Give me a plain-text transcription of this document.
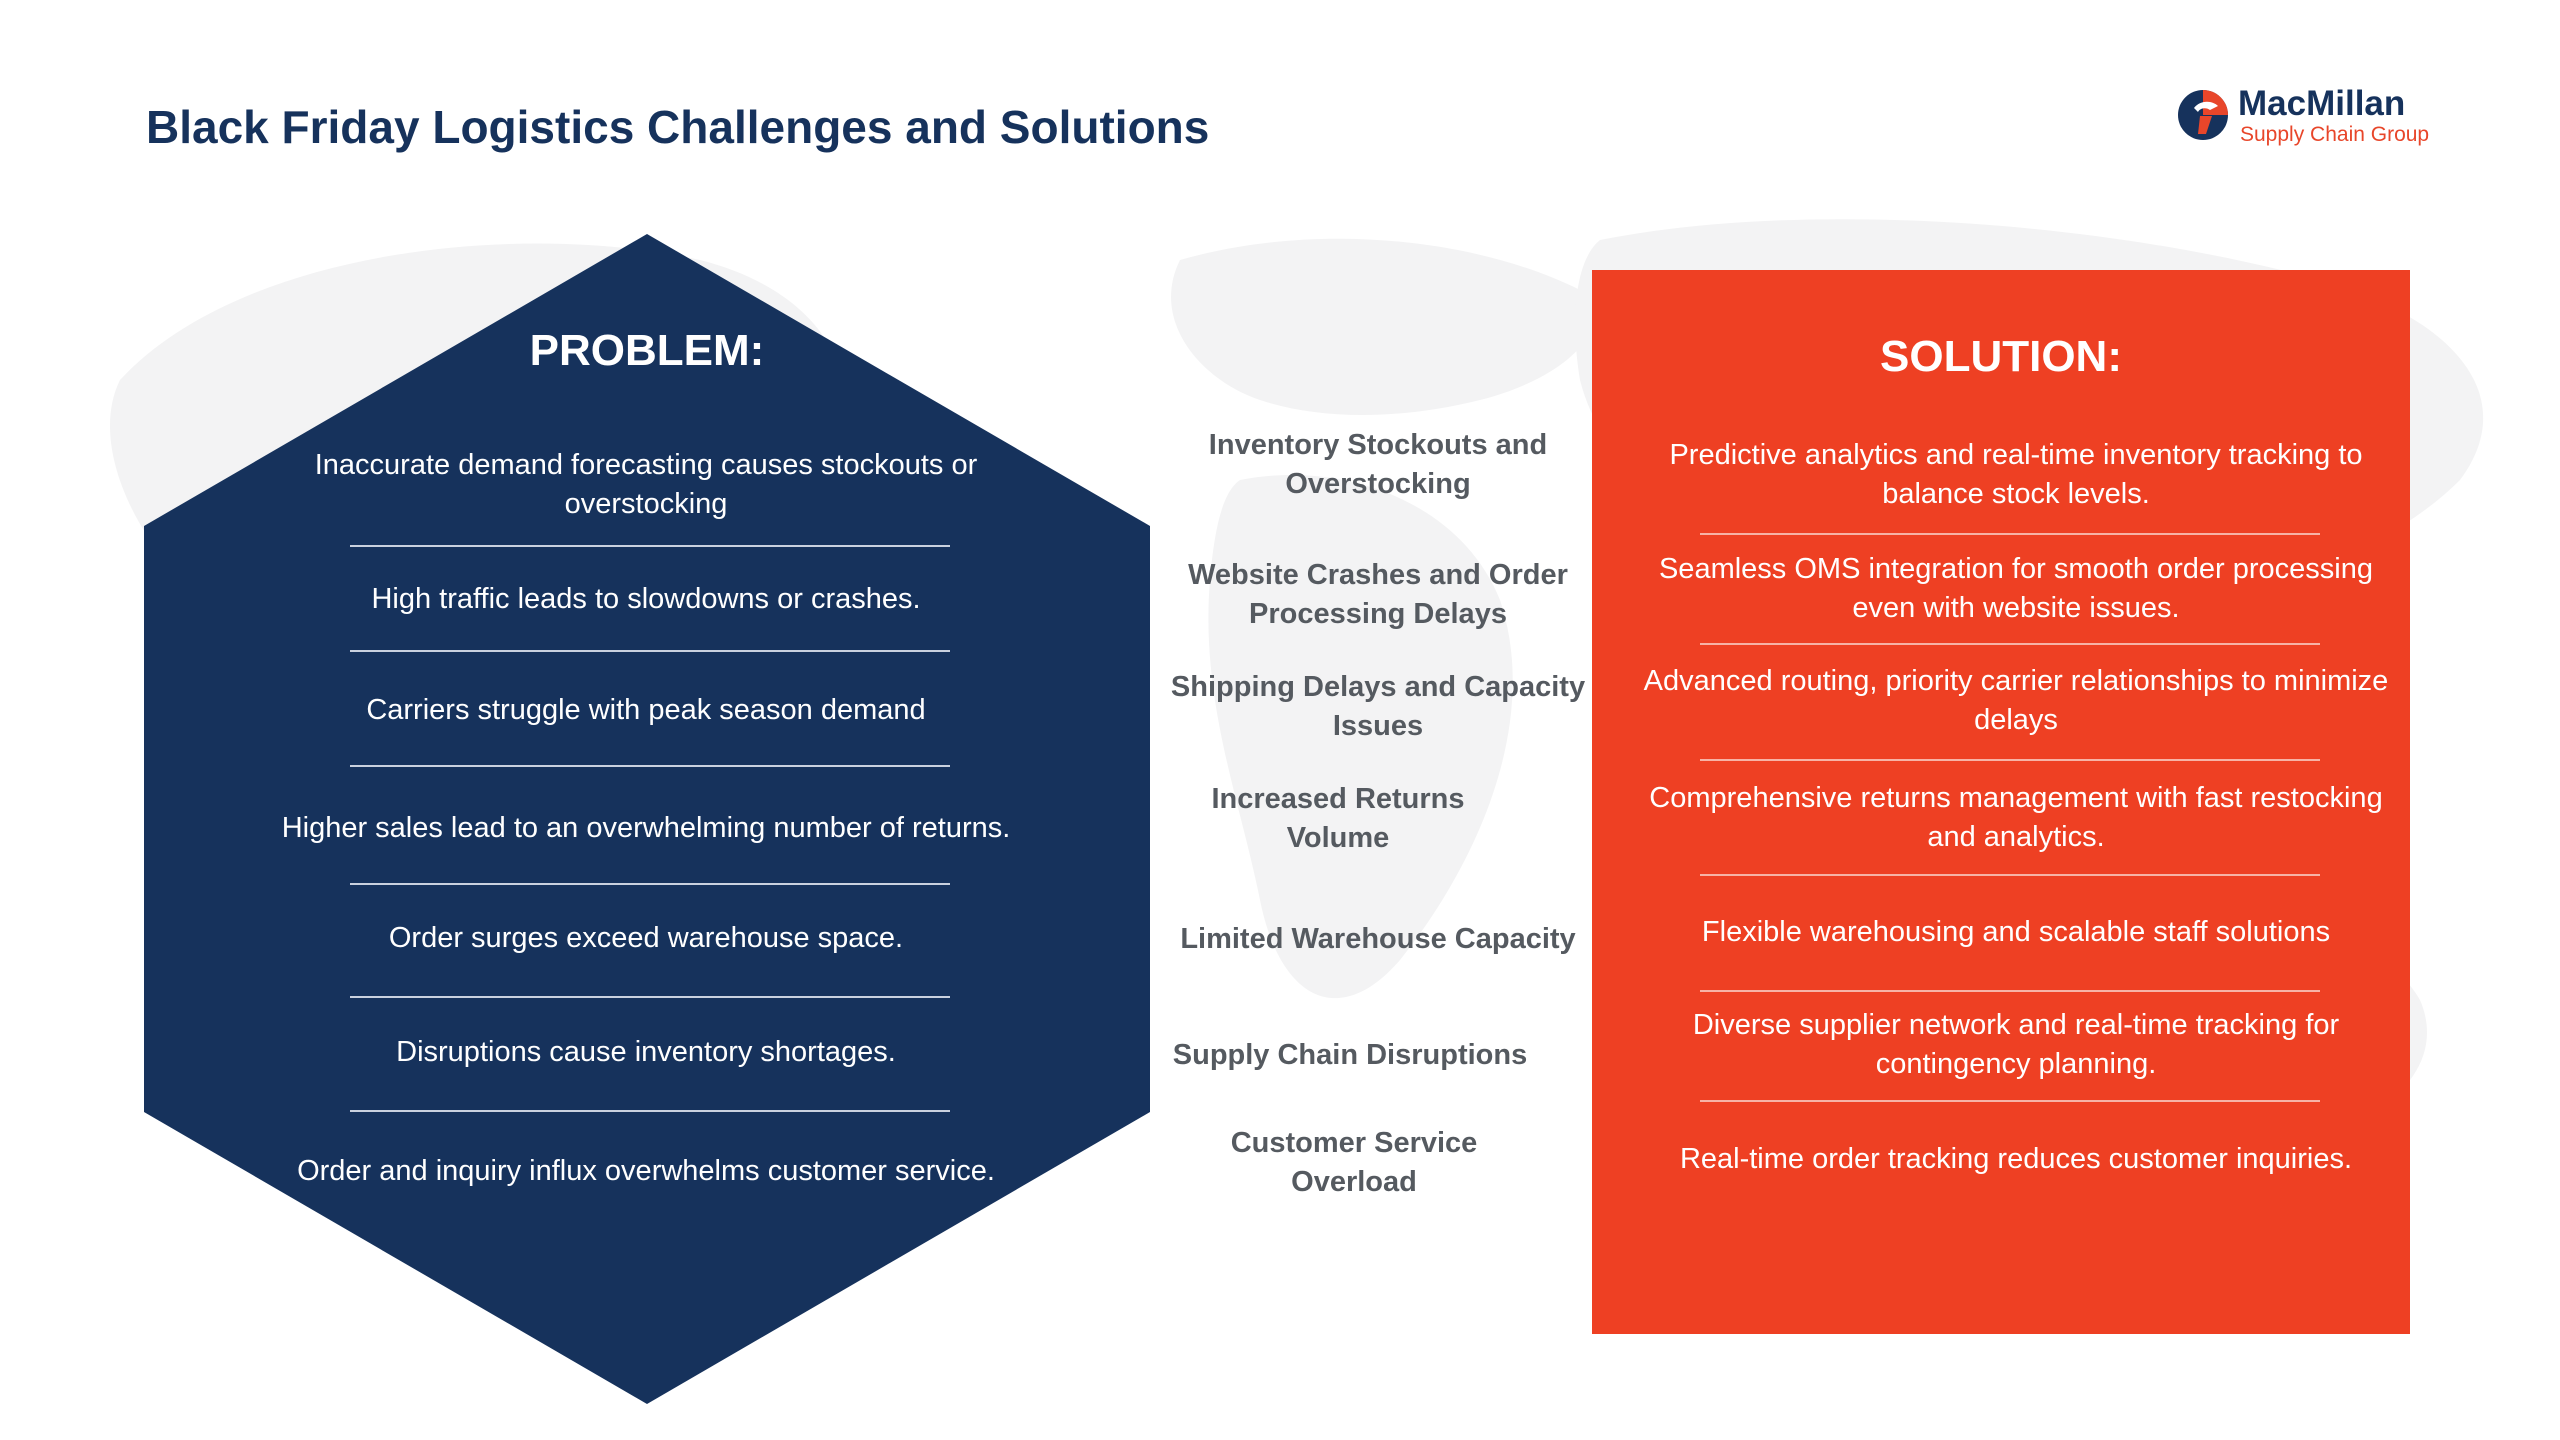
Black Friday Logistics Challenges and Solutions	MacMillan
Supply Chain Group
PROBLEM:
Inaccurate demand forecasting causes stockouts or overstocking
High traffic leads to slowdowns or crashes.
Carriers struggle with peak season demand
Higher sales lead to an overwhelming number of returns.
Order surges exceed warehouse space.
Disruptions cause inventory shortages.
Order and inquiry influx overwhelms customer service.
Inventory Stockouts and Overstocking
Website Crashes and Order Processing Delays
Shipping Delays and Capacity Issues
Increased Returns Volume
Limited Warehouse Capacity
Supply Chain Disruptions
Customer Service Overload
SOLUTION:
Predictive analytics and real-time inventory tracking to balance stock levels.
Seamless OMS integration for smooth order processing even with website issues.
Advanced routing, priority carrier relationships to minimize delays
Comprehensive returns management with fast restocking and analytics.
Flexible warehousing and scalable staff solutions
Diverse supplier network and real-time tracking for contingency planning.
Real-time order tracking reduces customer inquiries.
